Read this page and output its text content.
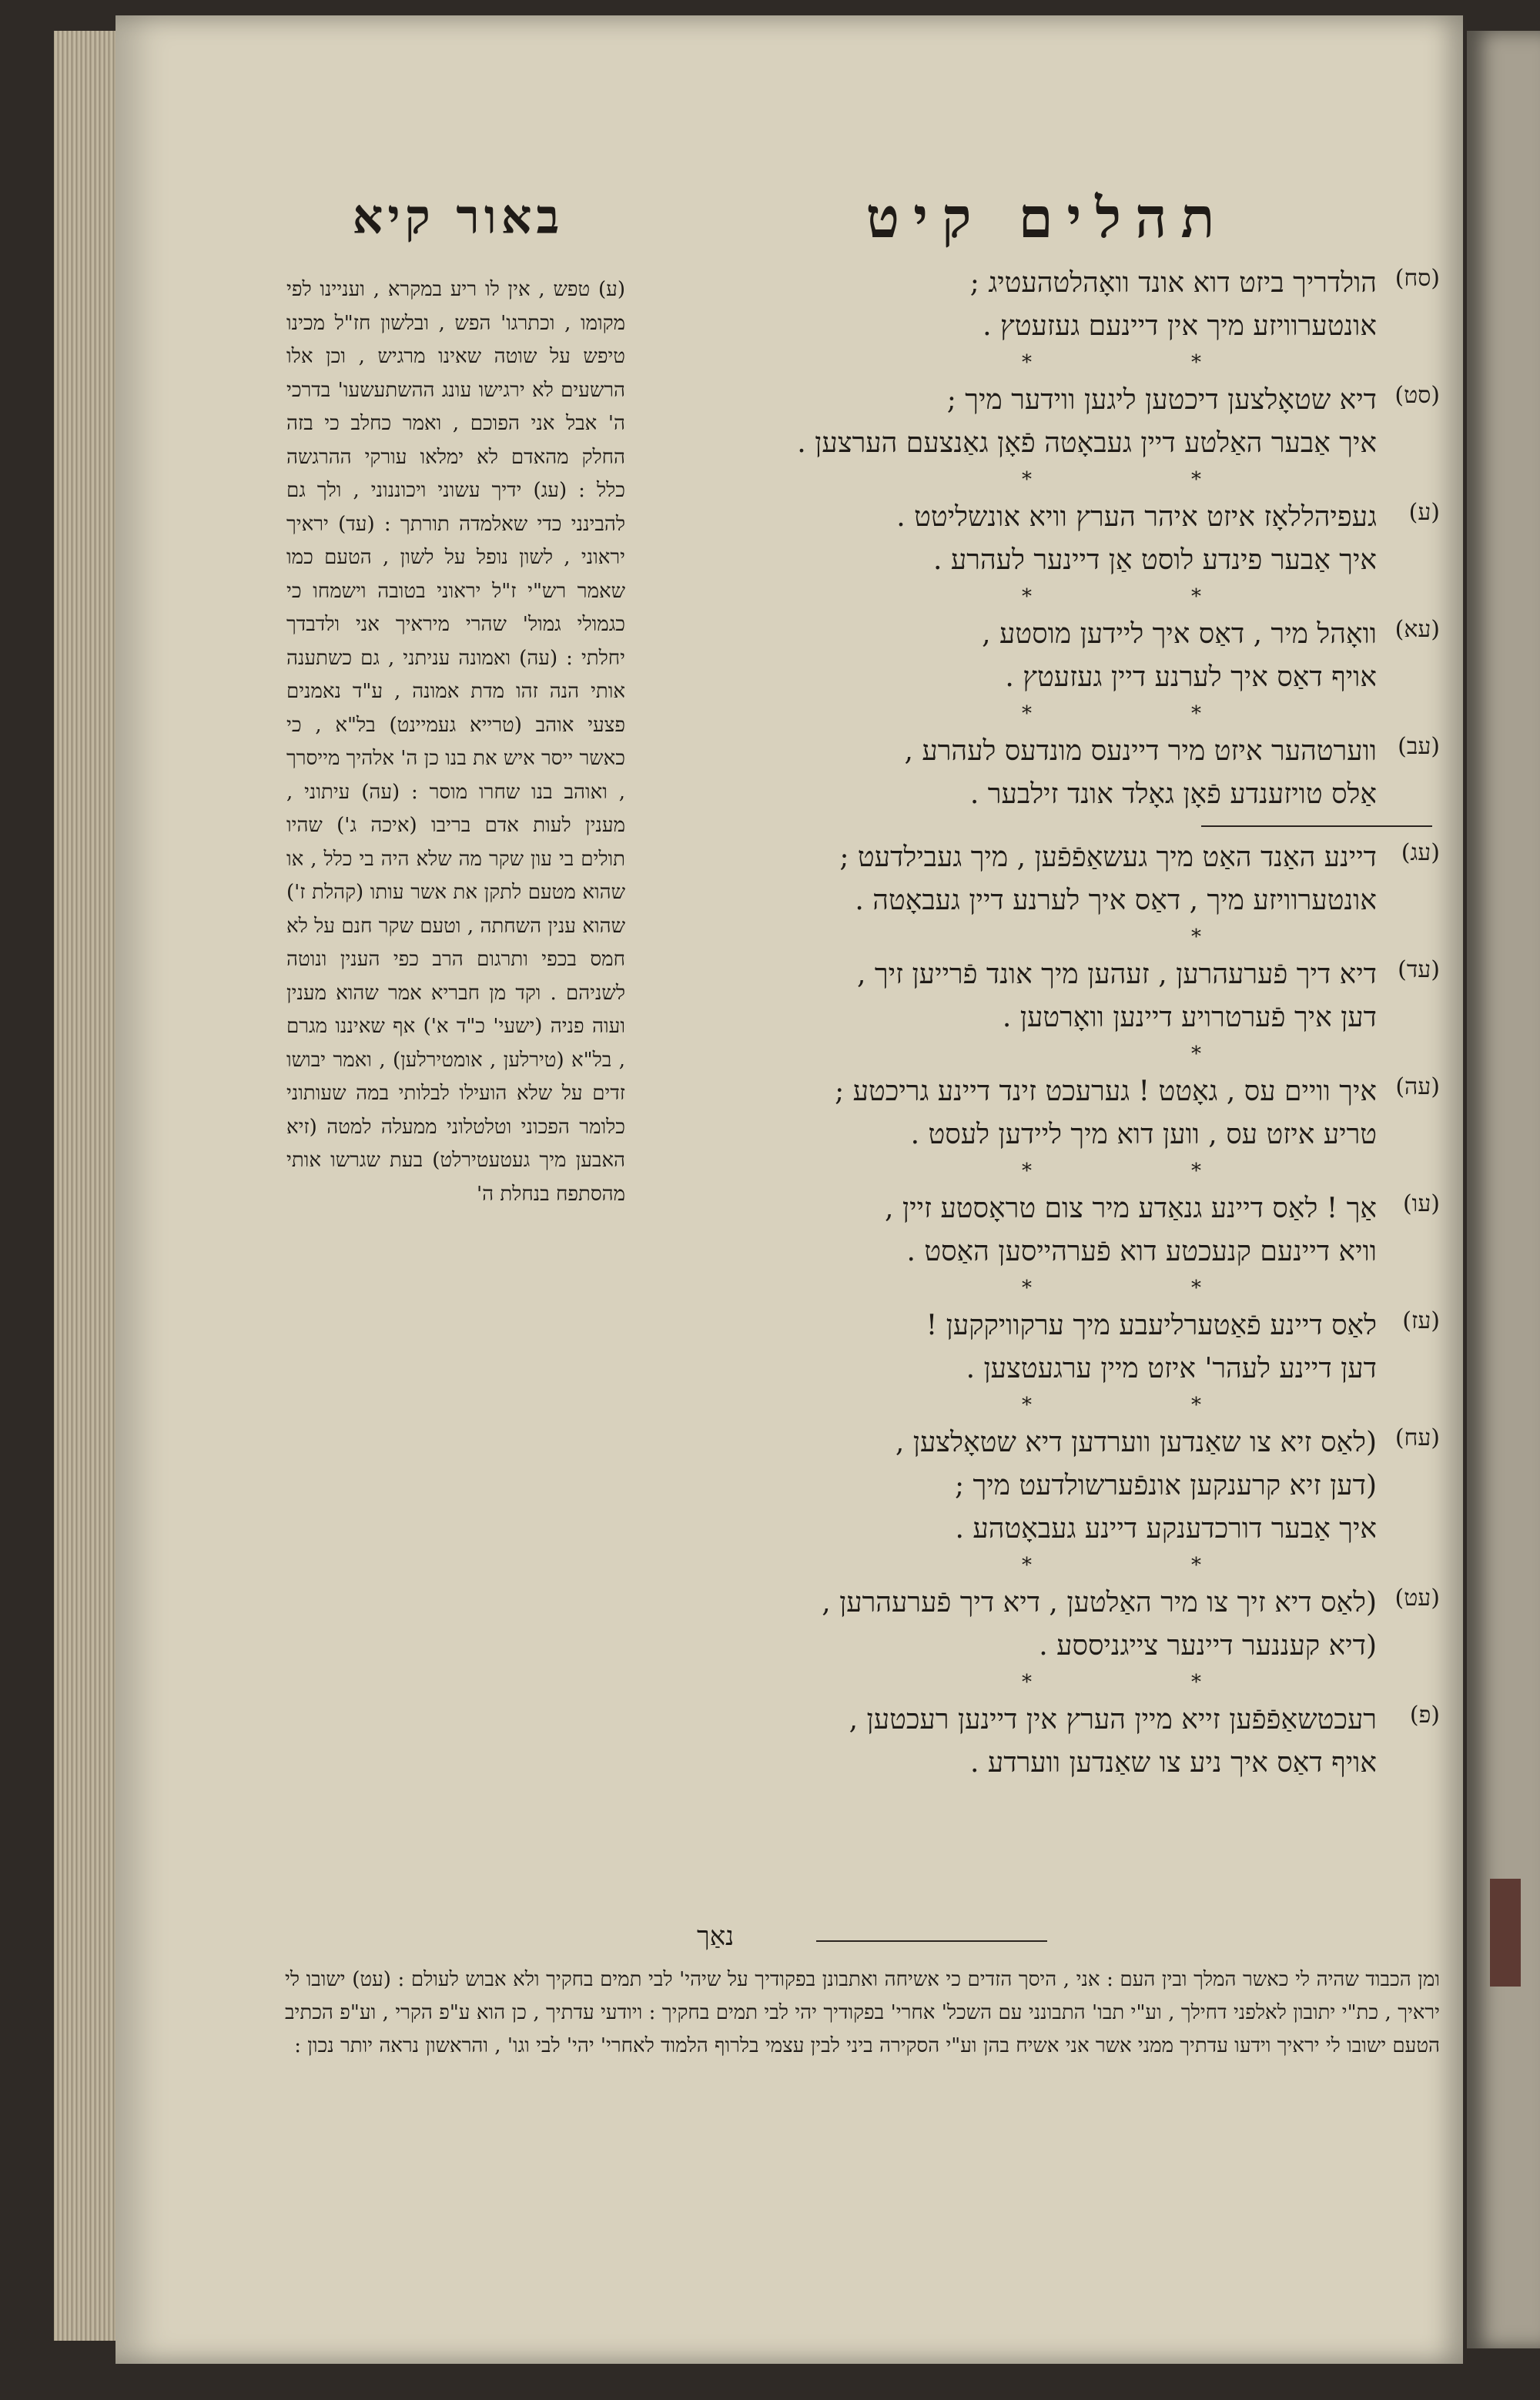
תהלים קיט
באור קיא
(סח)
הולדריך ביזט דוא אונד וואָהלטהעטיג ;
אונטערוויזע מיך אין דיינעם געזעטץ .
*	*
(סט)
דיא שטאָלצען דיכטען ליגען ווידער מיך ;
איך אַבער האַלטע דיין געבאָטה פֿאָן גאַנצעם הערצען .
*	*
(ע)
געפיהללאָז איזט איהר הערץ וויא אונשליטט .
איך אַבער פינדע לוסט אַן דיינער לעהרע .
*	*
(עא)
וואָהל מיר , דאַס איך ליידען מוסטע ,
אויף דאַס איך לערנע דיין געזעטץ .
*	*
(עב)
ווערטהער איזט מיר דיינעס מונדעס לעהרע ,
אַלס טויזענדע פֿאָן גאָלד אונד זילבער .
(עג)
דיינע האַנד האַט מיך געשאַפֿפֿען , מיך געבילדעט ;
אונטערוויזע מיך , דאַס איך לערנע דיין געבאָטה .
*
(עד)
דיא דיך פֿערעהרען , זעהען מיך אונד פֿרייען זיך ,
דען איך פֿערטרויע דיינען וואָרטען .
*
(עה)
איך וויים עס , גאָטט ! גערעכט זינד דיינע גריכטע ;
טריע איזט עס , ווען דוא מיך ליידען לעסט .
*	*
(עו)
אַך ! לאַס דיינע גנאַדע מיר צום טראָסטע זיין ,
וויא דיינעם קנעכטע דוא פֿערהייסען האַסט .
*	*
(עז)
לאַס דיינע פֿאַטערליעבע מיך ערקוויקקען !
דען דיינע לעהר' איזט מיין ערגעטצען .
*	*
(עח)
(לאַס זיא צו שאַנדען ווערדען דיא שטאָלצען ,
(דען זיא קרענקען אונפֿערשולדעט מיך ;
איך אַבער דורכדענקע דיינע געבאָטהע .
*	*
(עט)
(לאַס דיא זיך צו מיר האַלטען , דיא דיך פֿערעהרען ,
(דיא קעננער דיינער צייגניססע .
*	*
(פ)
רעכטשאַפֿפֿען זייא מיין הערץ אין דיינען רעכטען ,
אויף דאַס איך ניע צו שאַנדען ווערדע .
נאַך

(ע) טפש , אין לו ריע במקרא , ועניינו לפי מקומו , וכתרגו' הפש , ובלשון חז"ל מכינו טיפש על שוטה שאינו מרגיש , וכן אלו הרשעים לא ירגישו עונג ההשתעשעו' בדרכי ה' אבל אני הפוכם , ואמר כחלב כי בזה החלק מהאדם לא ימלאו עורקי ההרגשה כלל : (עג) ידיך עשוני ויכוננוני , ולך גם להבינני כדי שאלמדה תורתך : (עד) יראיך יראוני , לשון נופל על לשון , הטעם כמו שאמר רש"י ז"ל יראוני בטובה וישמחו כי כגמולי גמול' שהרי מיראיך אני ולדבדך יחלתי : (עה) ואמונה עניתני , גם כשתענה אותי הנה זהו מדת אמונה , ע"ד נאמנים פצעי אוהב (טרייא געמיינט) בל"א , כי כאשר ייסר איש את בנו כן ה' אלהיך מייסרך , ואוהב בנו שחרו מוסר : (עה) עיתוני , מענין לעות אדם בריבו (איכה ג') שהיו תולים בי עון שקר מה שלא היה בי כלל , או שהוא מטעם לתקן את אשר עותו (קהלת ז') שהוא ענין השחתה , וטעם שקר חנם על לא חמס בכפי ותרגום הרב כפי הענין ונוטה לשניהם . וקד מן חבריא אמר שהוא מענין ועוה פניה (ישעי' כ"ד א') אף שאיננו מגרם , בל"א (טירלען , אומטירלען) , ואמר יבושו זדים על שלא הועילו לבלותי במה שעותוני כלומר הפכוני וטלטלוני ממעלה למטה (זיא האבען מיך געטעטירלט) בעת שגרשו אותי מהסתפח בנחלת ה'

ומן הכבוד שהיה לי כאשר המלך ובין העם : אני , היסך הזדים כי אשיחה ואתבונן בפקודיך על שיהי' לבי תמים בחקיך ולא אבוש לעולם : (עט) ישובו לי יראיך , כת"י יתובון לאלפני דחילך , וע"י תבו' התבונני עם השכל' אחרי' בפקודיך יהי לבי תמים בחקיך : ויודעי עדתיך , כן הוא ע"פ הקרי , וע"פ הכתיב הטעם ישובו לי יראיך וידעו עדתיך ממני אשר אני אשיח בהן וע"י הסקירה ביני לבין עצמי בלרוף הלמוד לאחרי' יהי' לבי וגו' , והראשון נראה יותר נכון :
